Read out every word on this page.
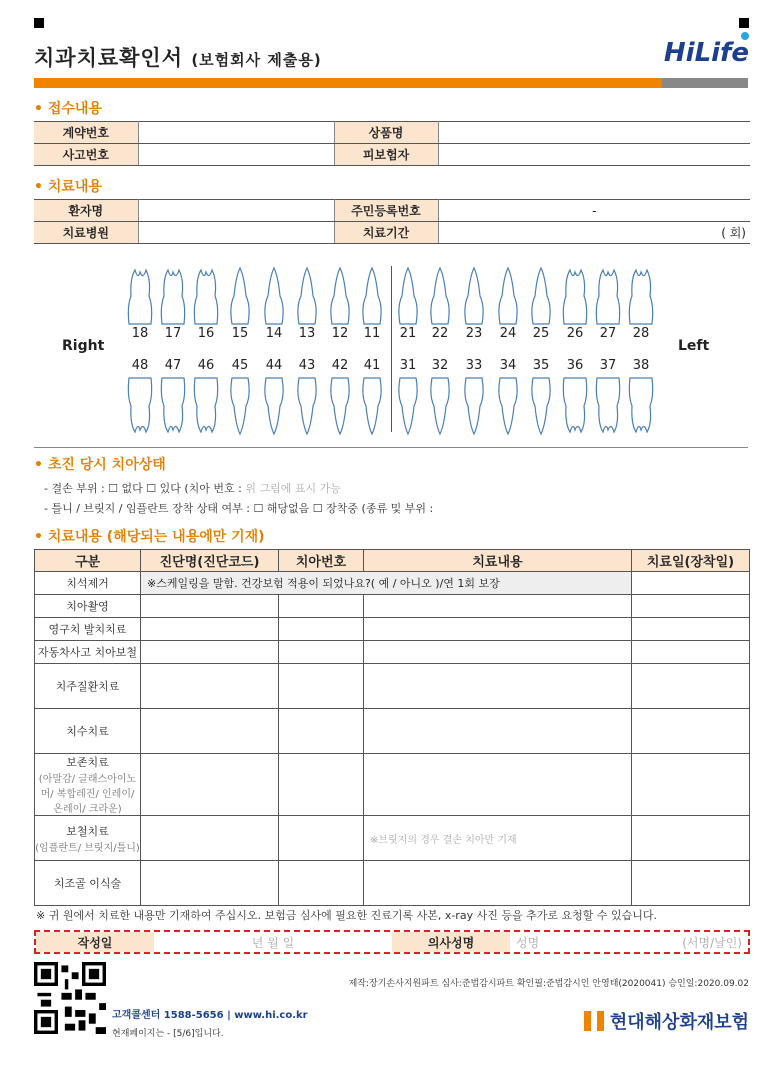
치과치료확인서 (보험회사 제출용)	HiLife
• 접수내용
계약번호		상품명	
사고번호		피보험자	
• 치료내용
환자명		주민등록번호	-
치료병원		치료기간	( 회)
Right	Left
18 17 16 15 14 13 12 11 21 22 23 24 25 26 27 28
48 47 46 45 44 43 42 41 31 32 33 34 35 36 37 38
• 초진 당시 치아상태
- 결손 부위 : ☐ 없다 ☐ 있다 (치아 번호 : 위 그림에 표시 가능
- 틀니 / 브릿지 / 임플란트 장착 상태 여부 : ☐ 해당없음 ☐ 장착중 (종류 및 부위 :
• 치료내용 (해당되는 내용에만 기재)
구분	진단명(진단코드)	치아번호	치료내용	치료일(장착일)
치석제거	※스케일링을 말함. 건강보험 적용이 되었나요?( 예 / 아니오 )/연 1회 보장			
치아촬영				
영구치 발치치료				
자동차사고 치아보철				
치주질환치료				
치수치료				

보존치료
(아말감/ 글래스아이노머/ 복합레진/ 인레이/ 온레이/ 크라운)				

보철치료
(임플란트/ 브릿지/틀니)			※브릿지의 경우 결손 치아만 기재	
치조골 이식술				
※ 귀 원에서 치료한 내용만 기재하여 주십시오. 보험금 심사에 필요한 진료기록 사본, x-ray 사진 등을 추가로 요청할 수 있습니다.
작성일	년 월 일	의사성명	성명	(서명/날인)
제작:장기손사지원파트 심사:준법감시파트 확인필:준법감시인 안영태(2020041) 승인일:2020.09.02
고객콜센터 1588-5656 | www.hi.co.kr
현재페이지는 - [5/6]입니다.
현대해상화재보험
